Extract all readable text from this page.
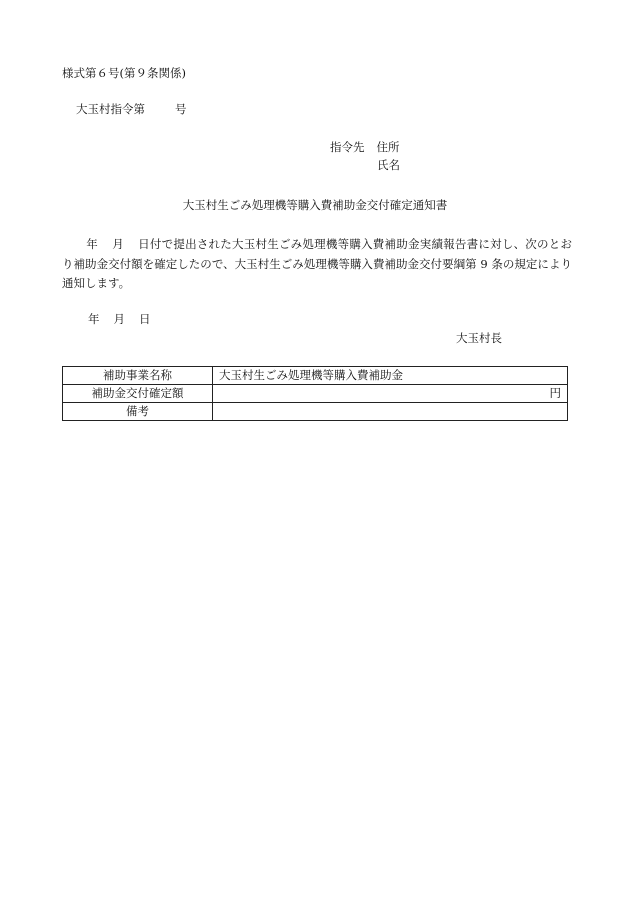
様式第６号(第９条関係)
大玉村指令第	号
指令先 住所
氏名
大玉村生ごみ処理機等購入費補助金交付確定通知書
年 月 日付で提出された大玉村生ごみ処理機等購入費補助金実績報告書に対し、次のとおり補助金交付額を確定したので、大玉村生ごみ処理機等購入費補助金交付要綱第 9 条の規定により通知します。
年 月 日
大玉村長
補助事業名称	大玉村生ごみ処理機等購入費補助金
補助金交付確定額	円
備考	
